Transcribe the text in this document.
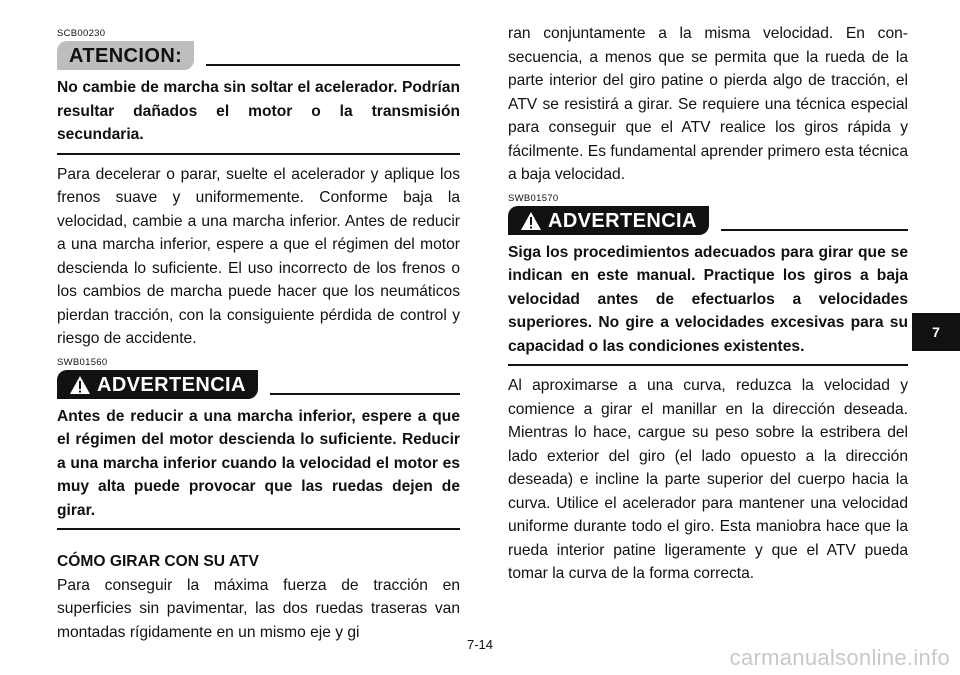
SCB00230
ATENCION:

No cambie de marcha sin soltar el acelerador. Podrían resultar dañados el motor o la transmisión secundaria.

Para decelerar o parar, suelte el acelerador y aplique los frenos suave y uniformemente. Conforme baja la velocidad, cambie a una marcha inferior. Antes de reducir a una marcha inferior, espere a que el régimen del motor descienda lo suficiente. El uso incorrecto de los frenos o los cambios de marcha puede hacer que los neumáticos pierdan tracción, con la consiguiente pérdida de control y riesgo de accidente.

SWB01560
ADVERTENCIA

Antes de reducir a una marcha inferior, espere a que el régimen del motor descienda lo suficiente. Reducir a una marcha inferior cuando la velocidad el motor es muy alta puede provocar que las ruedas dejen de girar.

CÓMO GIRAR CON SU ATV

Para conseguir la máxima fuerza de tracción en superficies sin pavimentar, las dos ruedas traseras van montadas rígidamente en un mismo eje y gi

ran conjuntamente a la misma velocidad. En consecuencia, a menos que se permita que la rueda de la parte interior del giro patine o pierda algo de tracción, el ATV se resistirá a girar. Se requiere una técnica especial para conseguir que el ATV realice los giros rápida y fácilmente. Es fundamental aprender primero esta técnica a baja velocidad.

SWB01570
ADVERTENCIA

Siga los procedimientos adecuados para girar que se indican en este manual. Practique los giros a baja velocidad antes de efectuarlos a velocidades superiores. No gire a velocidades excesivas para su capacidad o las condiciones existentes.

Al aproximarse a una curva, reduzca la velocidad y comience a girar el manillar en la dirección deseada. Mientras lo hace, cargue su peso sobre la estribera del lado exterior del giro (el lado opuesto a la dirección deseada) e incline la parte superior del cuerpo hacia la curva. Utilice el acelerador para mantener una velocidad uniforme durante todo el giro. Esta maniobra hace que la rueda interior patine ligeramente y que el ATV pueda tomar la curva de la forma correcta.

7
7-14
carmanualsonline.info
